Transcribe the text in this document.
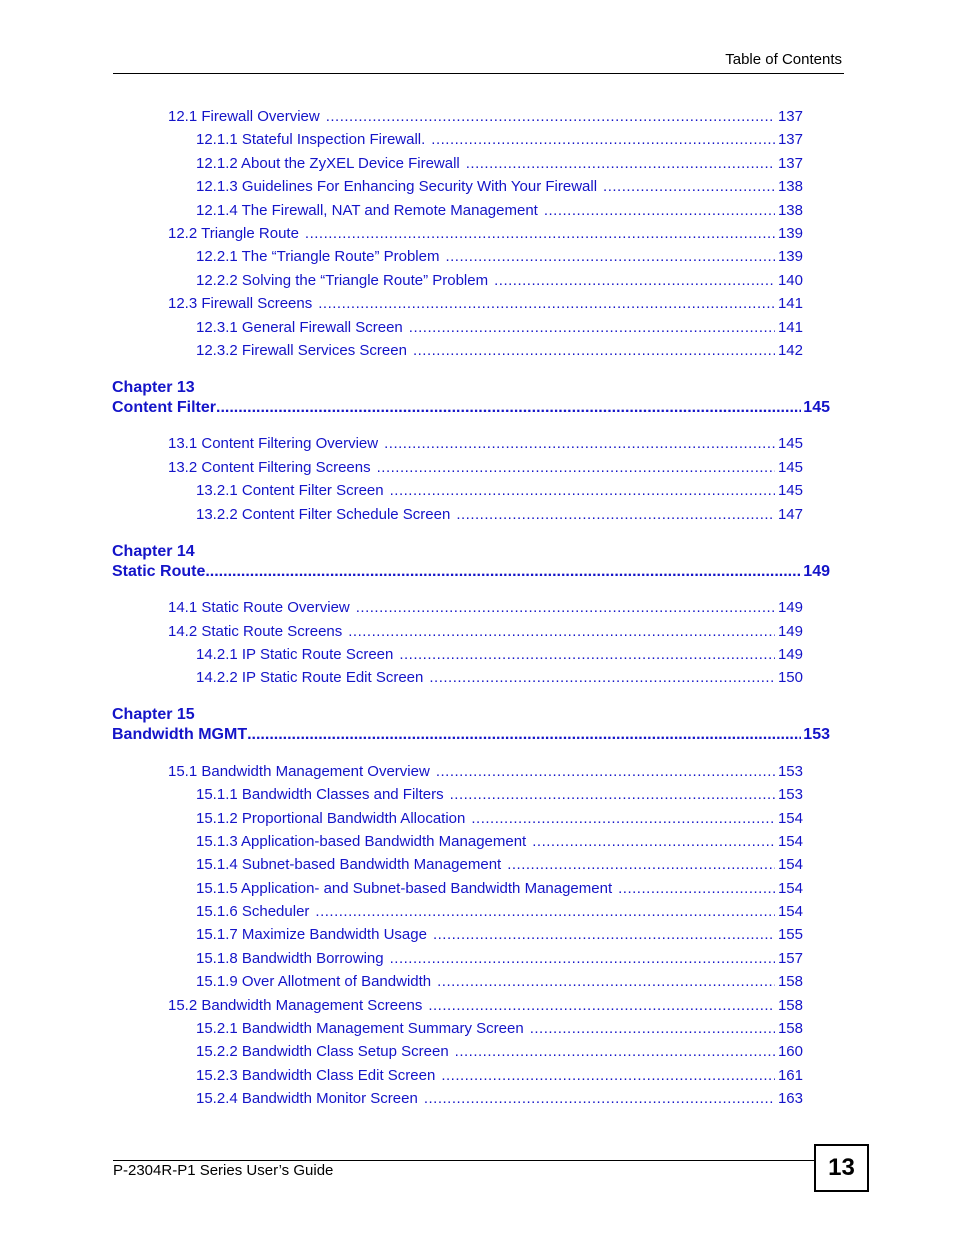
Table of Contents
12.1 Firewall Overview .....	137
12.1.1 Stateful Inspection Firewall. .....	137
12.1.2 About the ZyXEL Device Firewall .....	137
12.1.3 Guidelines For Enhancing Security With Your Firewall .....	138
12.1.4 The Firewall, NAT and Remote Management .....	138
12.2 Triangle Route .....	139
12.2.1 The “Triangle Route” Problem .....	139
12.2.2 Solving the “Triangle Route” Problem .....	140
12.3 Firewall Screens .....	141
12.3.1 General Firewall Screen .....	141
12.3.2 Firewall Services Screen .....	142
Chapter 13
Content Filter .....	145
13.1 Content Filtering Overview .....	145
13.2 Content Filtering Screens .....	145
13.2.1 Content Filter Screen .....	145
13.2.2 Content Filter Schedule Screen .....	147
Chapter 14
Static Route .....	149
14.1 Static Route Overview .....	149
14.2 Static Route Screens .....	149
14.2.1 IP Static Route Screen .....	149
14.2.2 IP Static Route Edit Screen .....	150
Chapter 15
Bandwidth MGMT .....	153
15.1 Bandwidth Management Overview .....	153
15.1.1 Bandwidth Classes and Filters .....	153
15.1.2 Proportional Bandwidth Allocation .....	154
15.1.3 Application-based Bandwidth Management .....	154
15.1.4 Subnet-based Bandwidth Management .....	154
15.1.5 Application- and Subnet-based Bandwidth Management .....	154
15.1.6 Scheduler .....	154
15.1.7 Maximize Bandwidth Usage .....	155
15.1.8 Bandwidth Borrowing .....	157
15.1.9 Over Allotment of Bandwidth .....	158
15.2 Bandwidth Management Screens .....	158
15.2.1 Bandwidth Management Summary Screen .....	158
15.2.2 Bandwidth Class Setup Screen .....	160
15.2.3 Bandwidth Class Edit Screen .....	161
15.2.4 Bandwidth Monitor Screen .....	163
P-2304R-P1 Series User’s Guide	13
